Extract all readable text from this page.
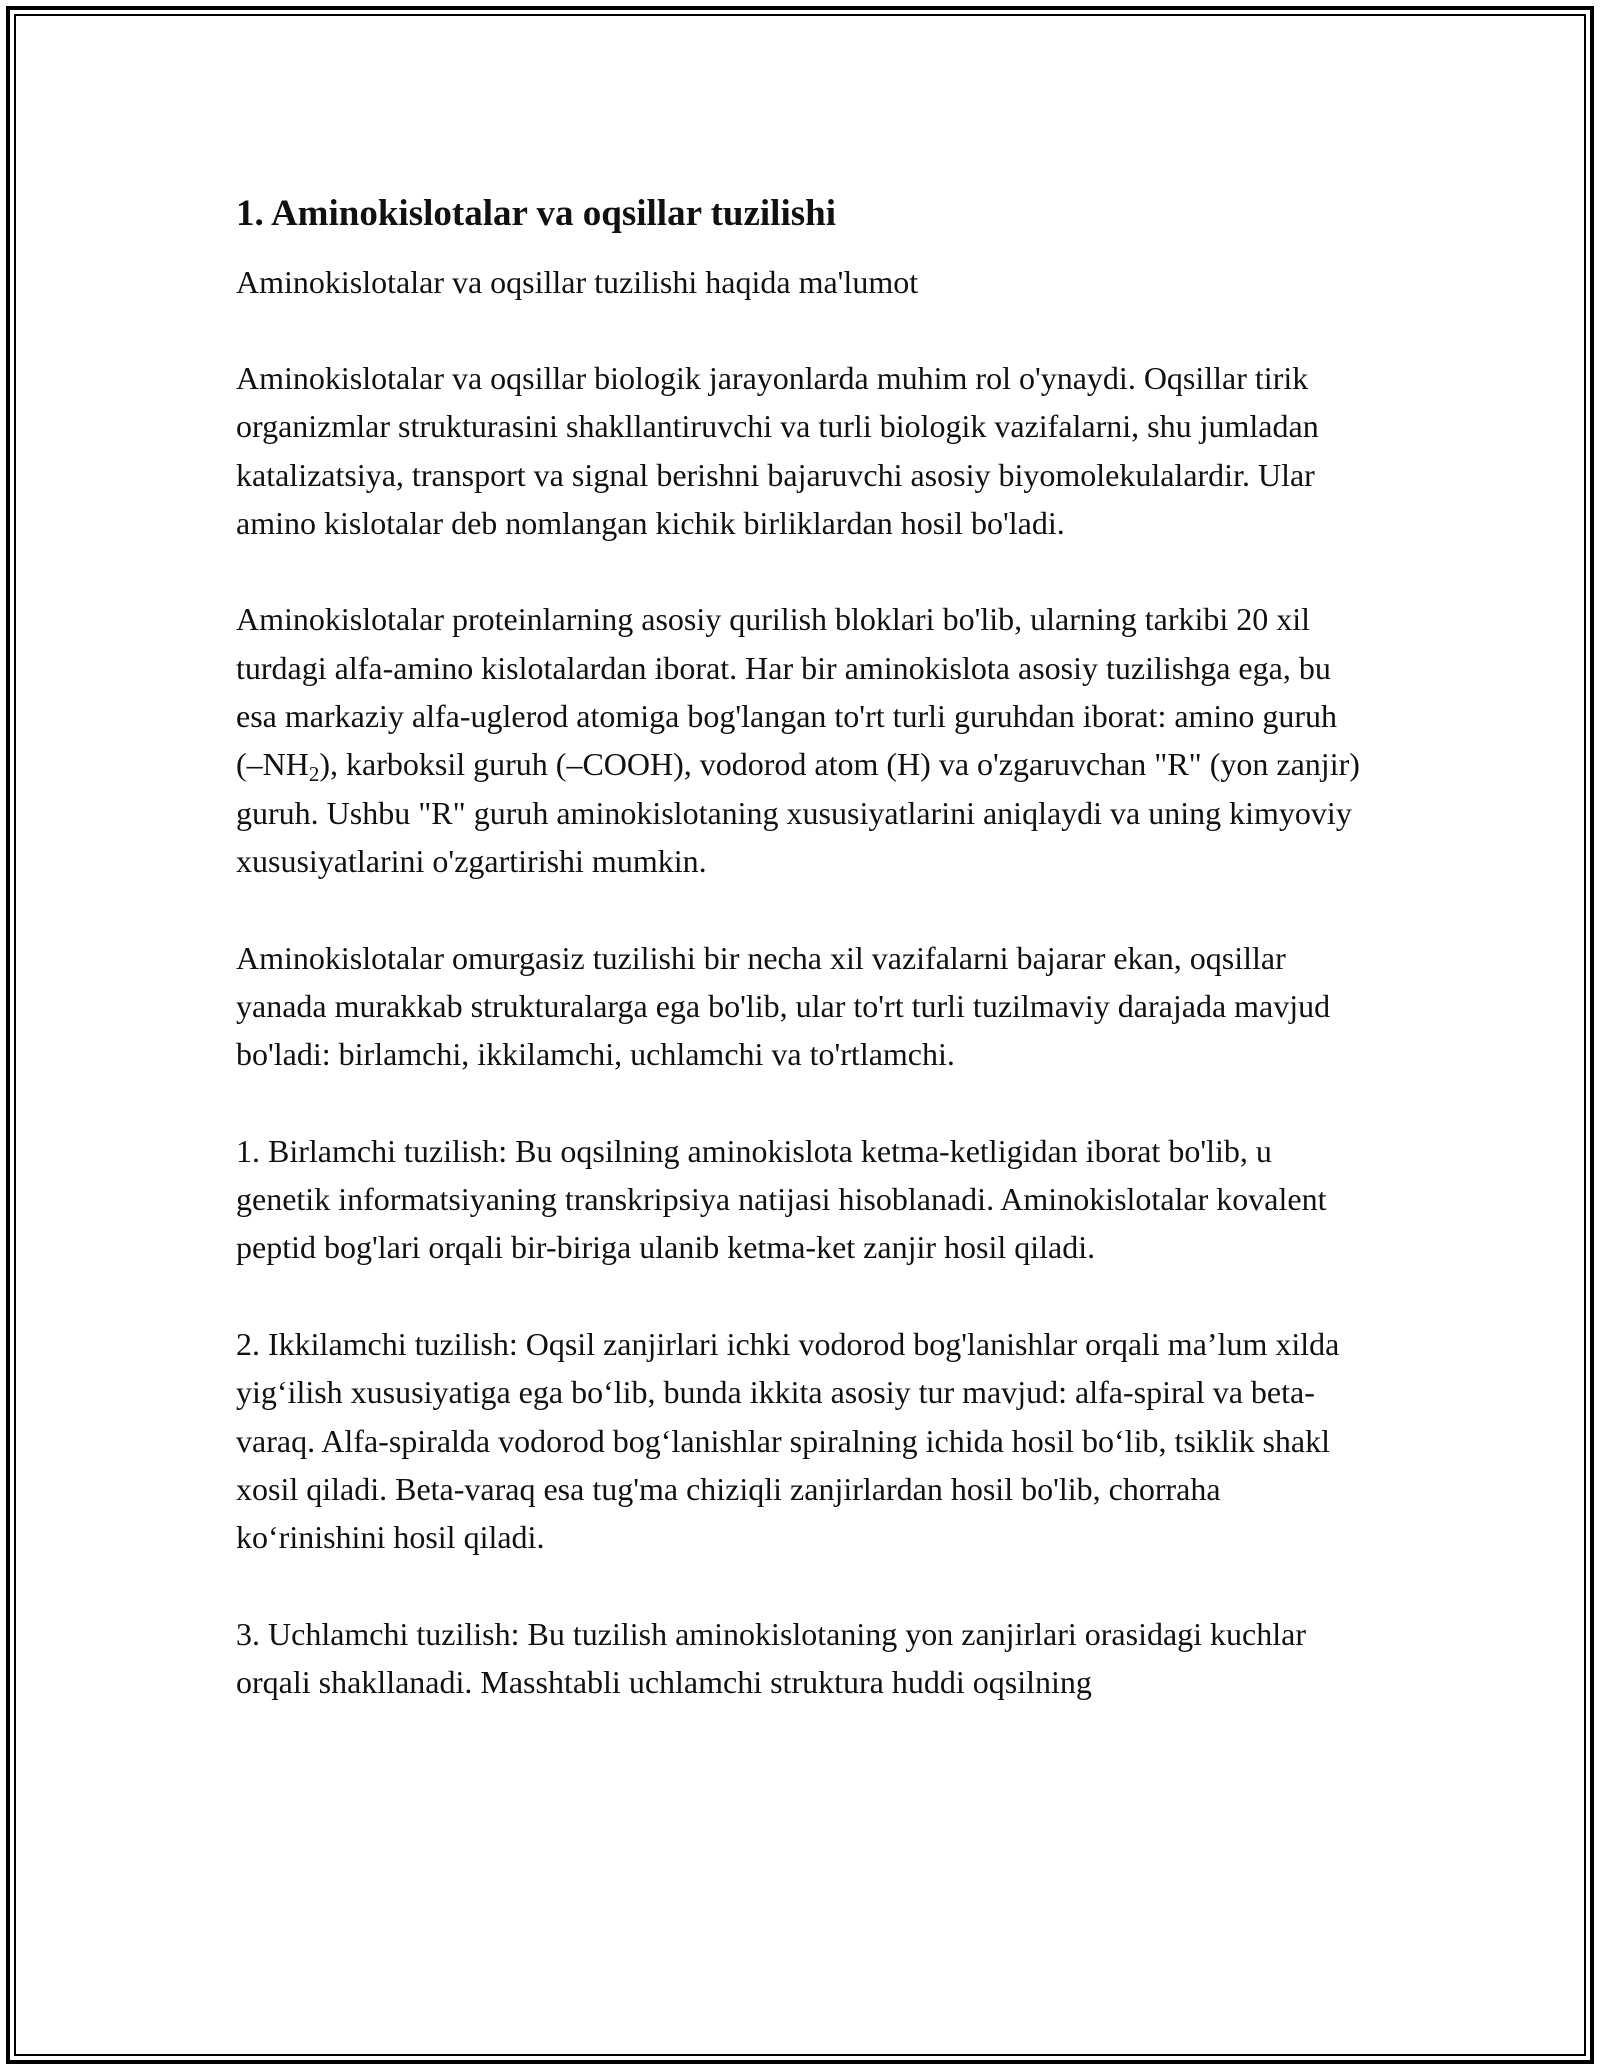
1. Aminokislotalar va oqsillar tuzilishi

Aminokislotalar va oqsillar tuzilishi haqida ma'lumot

Aminokislotalar va oqsillar biologik jarayonlarda muhim rol o'ynaydi. Oqsillar tirik organizmlar strukturasini shakllantiruvchi va turli biologik vazifalarni, shu jumladan katalizatsiya, transport va signal berishni bajaruvchi asosiy biyomolekulalardir. Ular amino kislotalar deb nomlangan kichik birliklardan hosil bo'ladi.

Aminokislotalar proteinlarning asosiy qurilish bloklari bo'lib, ularning tarkibi 20 xil turdagi alfa-amino kislotalardan iborat. Har bir aminokislota asosiy tuzilishga ega, bu esa markaziy alfa-uglerod atomiga bog'langan to'rt turli guruhdan iborat: amino guruh $(-NH_2)$, karboksil guruh (–COOH), vodorod atom (H) va o'zgaruvchan "R" (yon zanjir) guruh. Ushbu "R" guruh aminokislotaning xususiyatlarini aniqlaydi va uning kimyoviy xususiyatlarini o'zgartirishi mumkin.

Aminokislotalar omurgasiz tuzilishi bir necha xil vazifalarni bajarar ekan, oqsillar yanada murakkab strukturalarga ega bo'lib, ular to'rt turli tuzilmaviy darajada mavjud bo'ladi: birlamchi, ikkilamchi, uchlamchi va to'rtlamchi.

1. Birlamchi tuzilish: Bu oqsilning aminokislota ketma-ketligidan iborat bo'lib, u genetik informatsiyaning transkripsiya natijasi hisoblanadi. Aminokislotalar kovalent peptid bog'lari orqali bir-biriga ulanib ketma-ket zanjir hosil qiladi.

2. Ikkilamchi tuzilish: Oqsil zanjirlari ichki vodorod bog'lanishlar orqali ma’lum xilda yig‘ilish xususiyatiga ega bo‘lib, bunda ikkita asosiy tur mavjud: alfa-spiral va beta-varaq. Alfa-spiralda vodorod bog‘lanishlar spiralning ichida hosil bo‘lib, tsiklik shakl xosil qiladi. Beta-varaq esa tug'ma chiziqli zanjirlardan hosil bo'lib, chorraha ko‘rinishini hosil qiladi.

3. Uchlamchi tuzilish: Bu tuzilish aminokislotaning yon zanjirlari orasidagi kuchlar orqali shakllanadi. Masshtabli uchlamchi struktura huddi oqsilning
